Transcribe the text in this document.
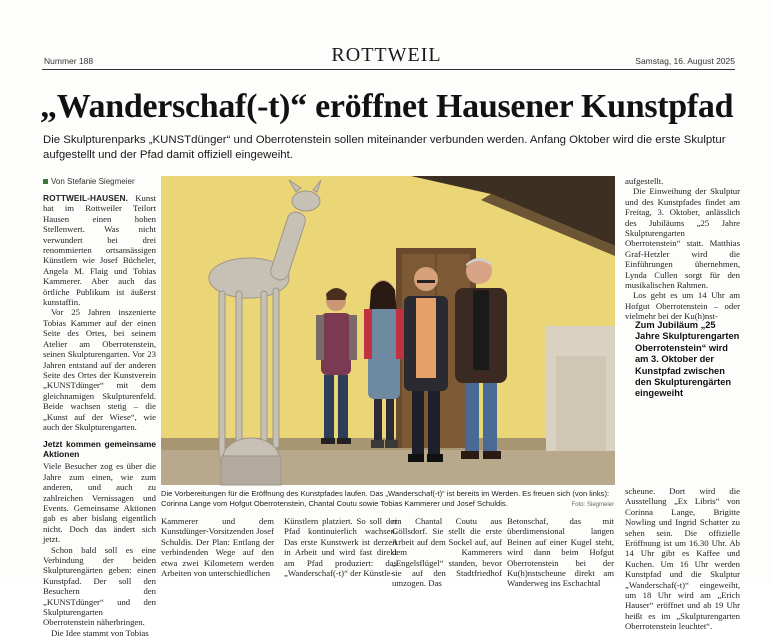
Nummer 188	ROTTWEIL	Samstag, 16. August 2025
„Wanderschaf(-t)“ eröffnet Hausener Kunstpfad

Die Skulpturenparks „KUNSTdünger“ und Oberrotenstein sollen miteinander verbunden werden. Anfang Oktober wird die erste Skulptur aufgestellt und der Pfad damit offiziell eingeweiht.

Von Stefanie Siegmeier

ROTTWEIL-HAUSEN. Kunst hat im Rottweiler Teilort Hausen einen hohen Stellenwert. Was nicht verwundert bei drei renommierten ortsansässigen Künstlern wie Josef Bücheler, Angela M. Flaig und Tobias Kammerer. Aber auch das örtliche Publikum ist äußerst kunstaffin.

Vor 25 Jahren inszenierte Tobias Kammer auf der einen Seite des Ortes, bei seinem Atelier am Oberrotenstein, seinen Skulpturengarten. Vor 23 Jahren entstand auf der anderen Seite des Ortes der Kunstverein „KUNSTdünger“ mit dem gleichnamigen Skulpturenfeld. Beide wachsen stetig – die „Kunst auf der Wiese“, wie auch der Skulpturengarten.

Jetzt kommen gemeinsame Aktionen

Viele Besucher zog es über die Jahre zum einen, wie zum anderen, und auch zu zahlreichen Vernissagen und Events. Gemeinsame Aktionen gab es aber bislang eigentlich nicht. Doch das ändert sich jetzt.

Schon bald soll es eine Verbindung der beiden Skulpturengärten geben: einen Kunstpfad. Der soll den Besuchern den „KUNSTdünger“ und den Skulpturengarten Oberrotenstein näherbringen.

Die Idee stammt von Tobias

Die Vorbereitungen für die Eröffnung des Kunstpfades laufen. Das „Wanderschaf(-t)“ ist bereits im Werden. Es freuen sich (von links): Corinna Lange vom Hofgut Oberrotenstein, Chantal Coutu sowie Tobias Kammerer und Josef Schuldis.	Foto: Siegmeier
Kammerer und dem Kunstdünger-Vorsitzenden Josef Schuldis. Der Plan: Entlang der verbindenden Wege auf den etwa zwei Kilometern werden Arbeiten von unterschiedlichen
Künstlern platziert. So soll der Pfad kontinuierlich wachsen. Das erste Kunstwerk ist derzeit in Arbeit und wird fast direkt am Pfad produziert: das „Wanderschaf(-t)“ der Künstle-
rin Chantal Coutu aus Göllsdorf. Sie stellt die erste Arbeit auf dem Sockel auf, auf dem Kammerers „Engelsflügel“ standen, bevor sie auf den Stadtfriedhof umzogen. Das
Betonschaf, das mit überdimensional langen Beinen auf einer Kugel steht, wird dann beim Hofgut Oberrotenstein bei der Ku(h)nstscheune direkt am Wanderweg ins Eschachtal

aufgestellt.

Die Einweihung der Skulptur und des Kunstpfades findet am Freitag, 3. Oktober, anlässlich des Jubiläums „25 Jahre Skulpturengarten Oberrotenstein“ statt. Matthias Graf-Hetzler wird die Einführungen übernehmen, Lynda Cullen sorgt für den musikalischen Rahmen.

Los geht es um 14 Uhr am Hofgut Oberrotenstein – oder vielmehr bei der Ku(h)nst-

Zum Jubiläum „25 Jahre Skulpturengarten Oberrotenstein“ wird am 3. Oktober der Kunstpfad zwischen den Skulpturengärten eingeweiht
scheune. Dort wird die Ausstellung „Ex Libris“ von Corinna Lange, Brigitte Nowling und Ingrid Schatter zu sehen sein. Die offizielle Eröffnung ist um 16.30 Uhr. Ab 14 Uhr gibt es Kaffee und Kuchen. Um 16 Uhr werden Kunstpfad und die Skulptur „Wanderschaf(-t)“ eingeweiht, um 18 Uhr wird am „Erich Hauser“ eröffnet und ab 19 Uhr heißt es im „Skulpturengarten Oberrotenstein leuchtet“.
